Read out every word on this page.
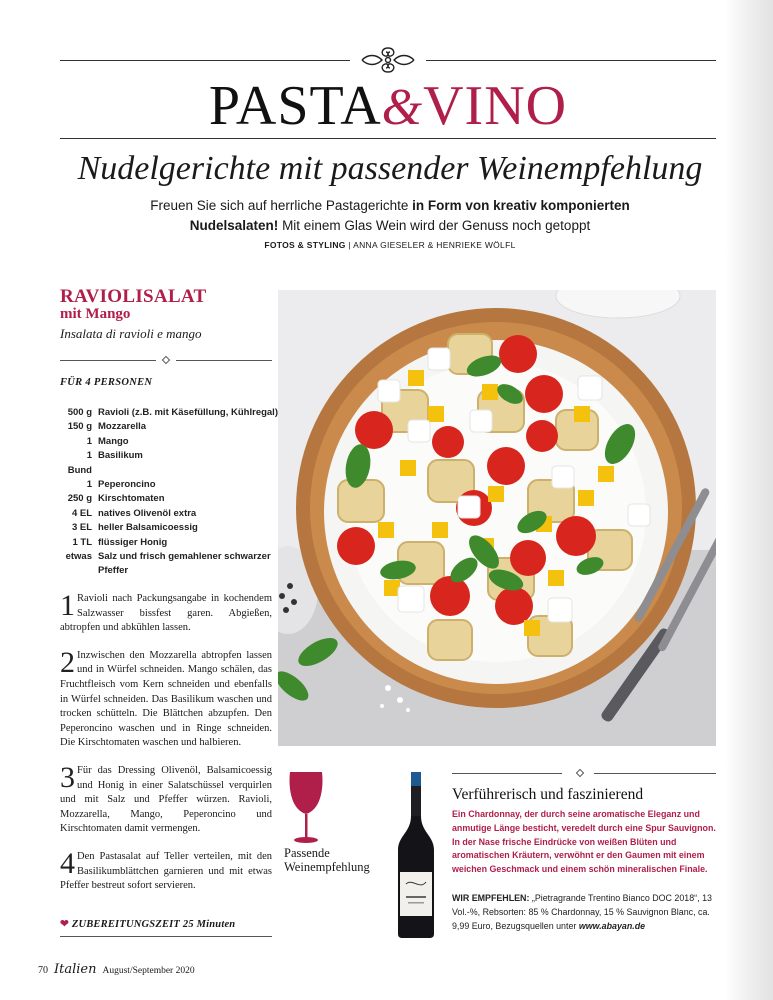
PASTA&VINO
Nudelgerichte mit passender Weinempfehlung
Freuen Sie sich auf herrliche Pastagerichte in Form von kreativ komponierten Nudelsalaten! Mit einem Glas Wein wird der Genuss noch getoppt
FOTOS & STYLING | ANNA GIESELER & HENRIEKE WÖLFL
RAVIOLISALAT
mit Mango
Insalata di ravioli e mango
FÜR 4 PERSONEN
500 g Ravioli (z.B. mit Käsefüllung, Kühlregal)
150 g Mozzarella
1 Mango
1 Bund
Basilikum
1 Peperoncino
250 g Kirschtomaten
4 EL natives Olivenöl extra
3 EL heller Balsamicoessig
1 TL flüssiger Honig
etwas Salz und frisch gemahlener schwarzer Pfeffer
1 Ravioli nach Packungsangabe in kochendem Salzwasser bissfest garen. Abgießen, abtropfen und abkühlen lassen.
2 Inzwischen den Mozzarella abtropfen lassen und in Würfel schneiden. Mango schälen, das Fruchtfleisch vom Kern schneiden und ebenfalls in Würfel schneiden. Das Basilikum waschen und trocken schütteln. Die Blättchen abzupfen. Den Peperoncino waschen und in Ringe schneiden. Die Kirschtomaten waschen und halbieren.
3 Für das Dressing Olivenöl, Balsamicoessig und Honig in einer Salatschüssel verquirlen und mit Salz und Pfeffer würzen. Ravioli, Mozzarella, Mango, Peperoncino und Kirschtomaten damit vermengen.
4 Den Pastasalat auf Teller verteilen, mit den Basilikumblättchen garnieren und mit etwas Pfeffer bestreut sofort servieren.
❤ ZUBEREITUNGSZEIT 25 Minuten
Passende
Weinempfehlung
Verführerisch und faszinierend
Ein Chardonnay, der durch seine aromatische Eleganz und anmutige Länge besticht, veredelt durch eine Spur Sauvignon. In der Nase frische Eindrücke von weißen Blüten und aromatischen Kräutern, verwöhnt er den Gaumen mit einem weichen Geschmack und einem schön mineralischen Finale.
WIR EMPFEHLEN: „Pietragrande Trentino Bianco DOC 2018“, 13 Vol.-%, Rebsorten: 85 % Chardonnay, 15 % Sauvignon Blanc, ca. 9,99 Euro, Bezugsquellen unter www.abayan.de
70 Italien August/September 2020
